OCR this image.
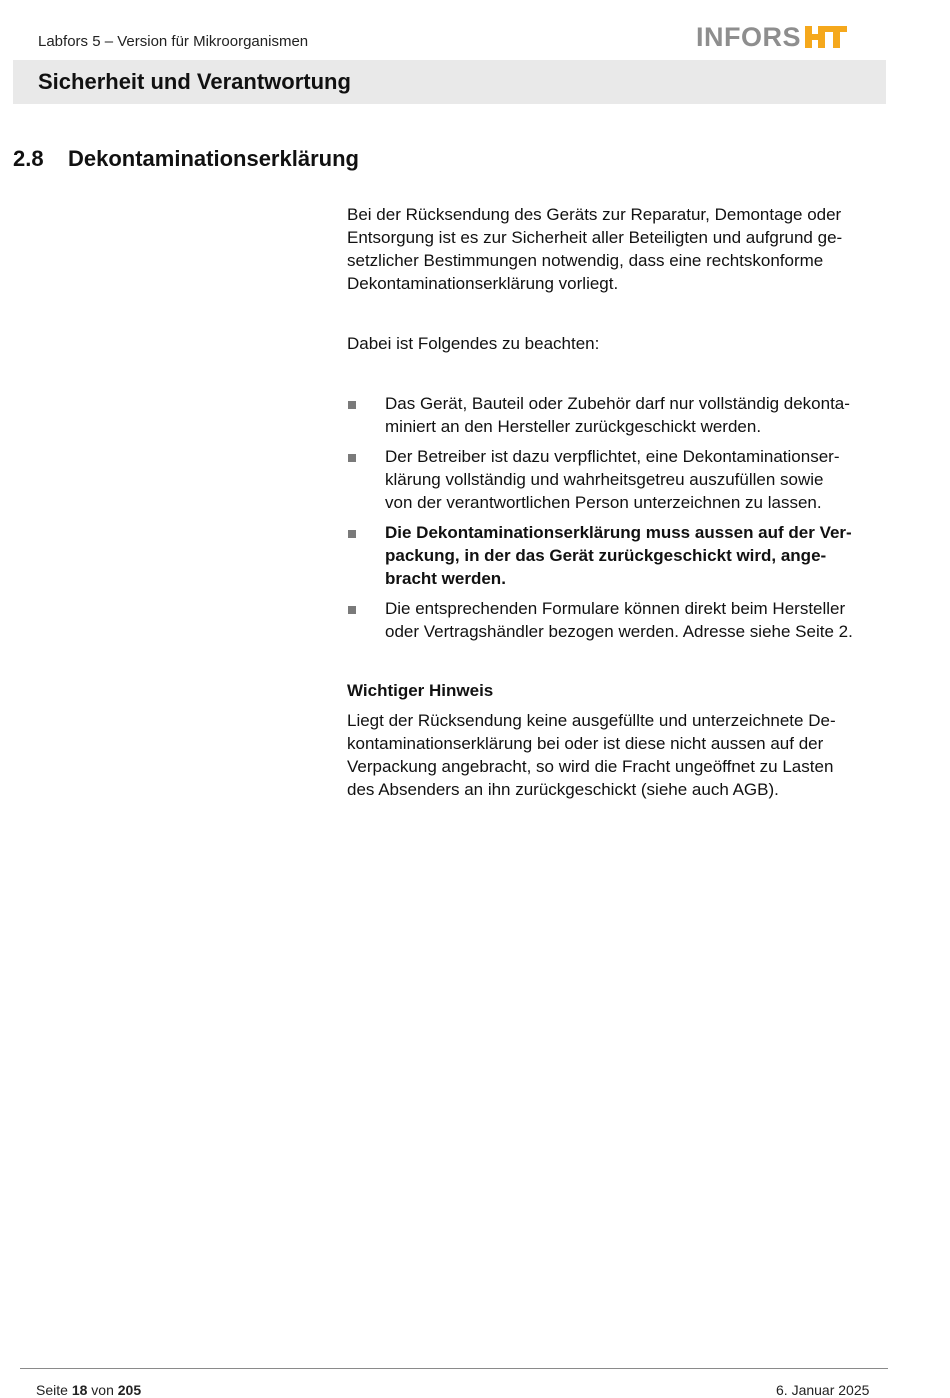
Labfors 5 – Version für Mikroorganismen	INFORS
Sicherheit und Verantwortung
2.8 Dekontaminationserklärung

Bei der Rücksendung des Geräts zur Reparatur, Demontage oder
Entsorgung ist es zur Sicherheit aller Beteiligten und aufgrund ge-
setzlicher Bestimmungen notwendig, dass eine rechtskonforme
Dekontaminationserklärung vorliegt.

Dabei ist Folgendes zu beachten:

Das Gerät, Bauteil oder Zubehör darf nur vollständig dekonta-
miniert an den Hersteller zurückgeschickt werden.
Der Betreiber ist dazu verpflichtet, eine Dekontaminationser-
klärung vollständig und wahrheitsgetreu auszufüllen sowie
von der verantwortlichen Person unterzeichnen zu lassen.
Die Dekontaminationserklärung muss aussen auf der Ver-
packung, in der das Gerät zurückgeschickt wird, ange-
bracht werden.
Die entsprechenden Formulare können direkt beim Hersteller
oder Vertragshändler bezogen werden. Adresse siehe Seite 2.

Wichtiger Hinweis

Liegt der Rücksendung keine ausgefüllte und unterzeichnete De-
kontaminationserklärung bei oder ist diese nicht aussen auf der
Verpackung angebracht, so wird die Fracht ungeöffnet zu Lasten
des Absenders an ihn zurückgeschickt (siehe auch AGB).

Seite 18 von 205	6. Januar 2025
